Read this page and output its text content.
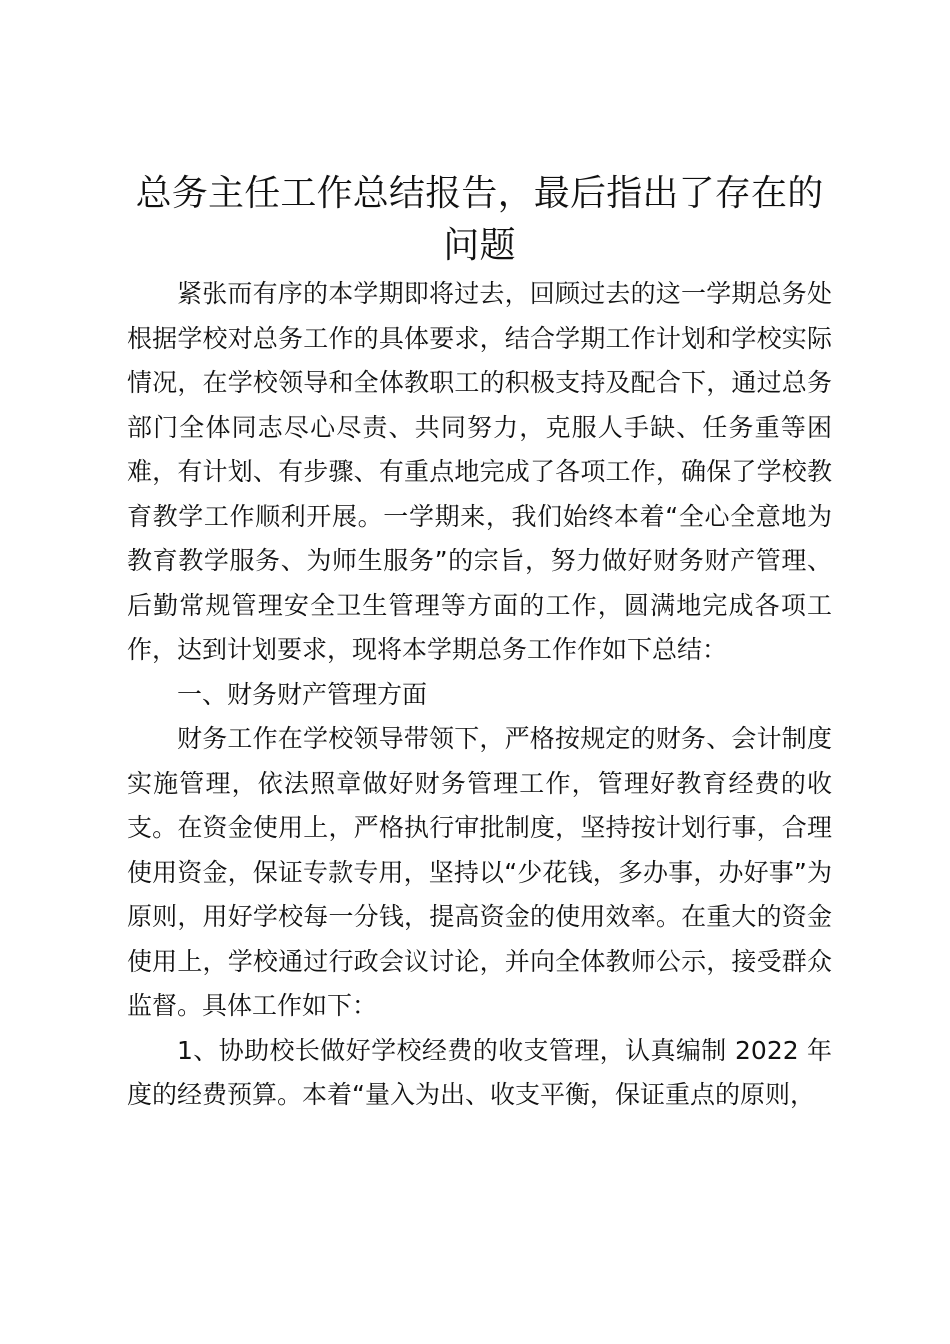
总务主任工作总结报告，最后指出了存在的问题

紧张而有序的本学期即将过去，回顾过去的这一学期总务处根据学校对总务工作的具体要求，结合学期工作计划和学校实际情况，在学校领导和全体教职工的积极支持及配合下，通过总务部门全体同志尽心尽责、共同努力，克服人手缺、任务重等困难，有计划、有步骤、有重点地完成了各项工作，确保了学校教育教学工作顺利开展。一学期来，我们始终本着“全心全意地为教育教学服务、为师生服务”的宗旨，努力做好财务财产管理、后勤常规管理安全卫生管理等方面的工作，圆满地完成各项工作，达到计划要求，现将本学期总务工作作如下总结：

一、财务财产管理方面

财务工作在学校领导带领下，严格按规定的财务、会计制度实施管理，依法照章做好财务管理工作，管理好教育经费的收支。在资金使用上，严格执行审批制度，坚持按计划行事，合理使用资金，保证专款专用，坚持以“少花钱，多办事，办好事”为原则，用好学校每一分钱，提高资金的使用效率。在重大的资金使用上，学校通过行政会议讨论，并向全体教师公示，接受群众监督。具体工作如下：

1、协助校长做好学校经费的收支管理，认真编制 2022 年度的经费预算。本着“量入为出、收支平衡，保证重点的原则，
